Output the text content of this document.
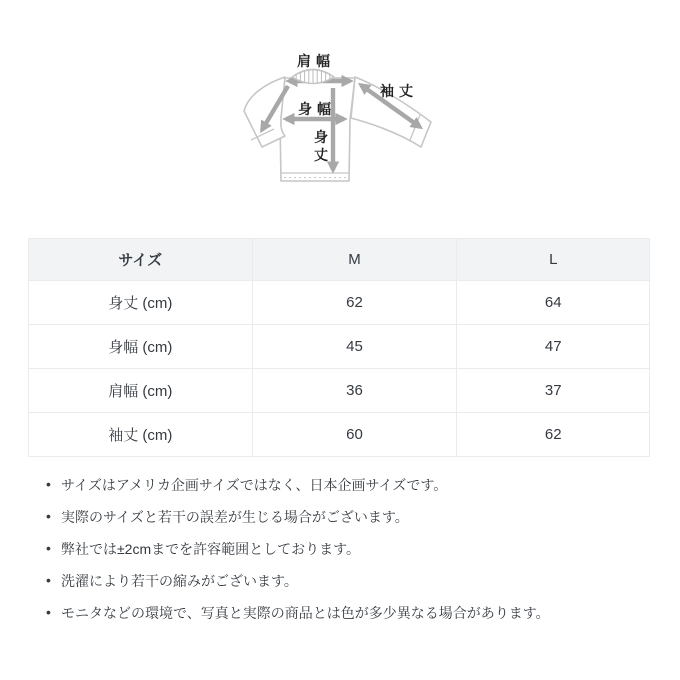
肩幅
身幅
袖丈
身
丈
サイズ	M	L
身丈 (cm)	62	64
身幅 (cm)	45	47
肩幅 (cm)	36	37
袖丈 (cm)	60	62
• サイズはアメリカ企画サイズではなく、日本企画サイズです。
• 実際のサイズと若干の誤差が生じる場合がございます。
• 弊社では±2cmまでを許容範囲としております。
• 洗濯により若干の縮みがございます。
• モニタなどの環境で、写真と実際の商品とは色が多少異なる場合があります。
